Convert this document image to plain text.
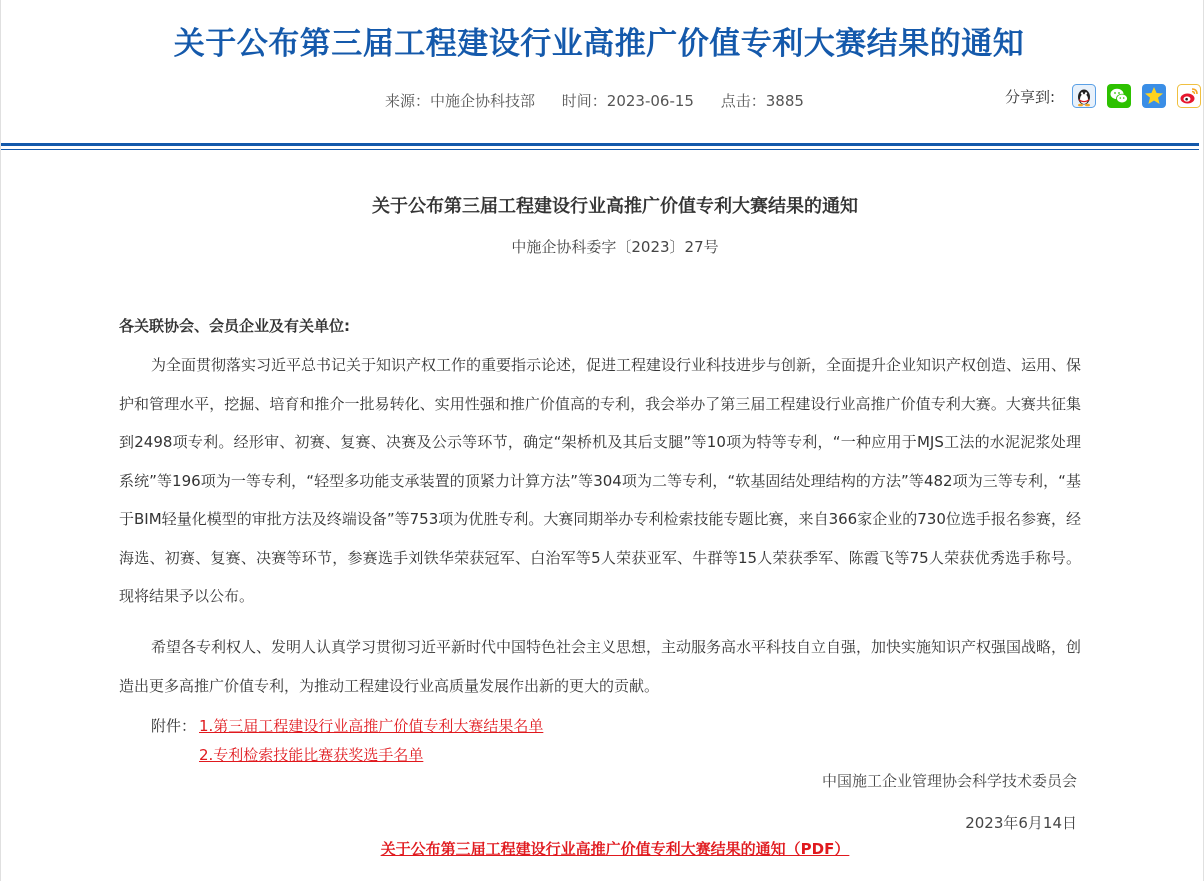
关于公布第三届工程建设行业高推广价值专利大赛结果的通知
来源：中施企协科技部 时间：2023-06-15 点击：3885	分享到:
关于公布第三届工程建设行业高推广价值专利大赛结果的通知
中施企协科委字〔2023〕27号
各关联协会、会员企业及有关单位:
为全面贯彻落实习近平总书记关于知识产权工作的重要指示论述，促进工程建设行业科技进步与创新，全面提升企业知识产权创造、运用、保护和管理水平，挖掘、培育和推介一批易转化、实用性强和推广价值高的专利，我会举办了第三届工程建设行业高推广价值专利大赛。大赛共征集到2498项专利。经形审、初赛、复赛、决赛及公示等环节，确定“架桥机及其后支腿”等10项为特等专利，“一种应用于MJS工法的水泥泥浆处理系统”等196项为一等专利，“轻型多功能支承装置的顶紧力计算方法”等304项为二等专利，“软基固结处理结构的方法”等482项为三等专利，“基于BIM轻量化模型的审批方法及终端设备”等753项为优胜专利。大赛同期举办专利检索技能专题比赛，来自366家企业的730位选手报名参赛，经海选、初赛、复赛、决赛等环节，参赛选手刘铁华荣获冠军、白治军等5人荣获亚军、牛群等15人荣获季军、陈霞飞等75人荣获优秀选手称号。现将结果予以公布。
希望各专利权人、发明人认真学习贯彻习近平新时代中国特色社会主义思想，主动服务高水平科技自立自强，加快实施知识产权强国战略，创造出更多高推广价值专利，为推动工程建设行业高质量发展作出新的更大的贡献。
附件： 1.第三届工程建设行业高推广价值专利大赛结果名单
2.专利检索技能比赛获奖选手名单
中国施工企业管理协会科学技术委员会
2023年6月14日
关于公布第三届工程建设行业高推广价值专利大赛结果的通知（PDF）
